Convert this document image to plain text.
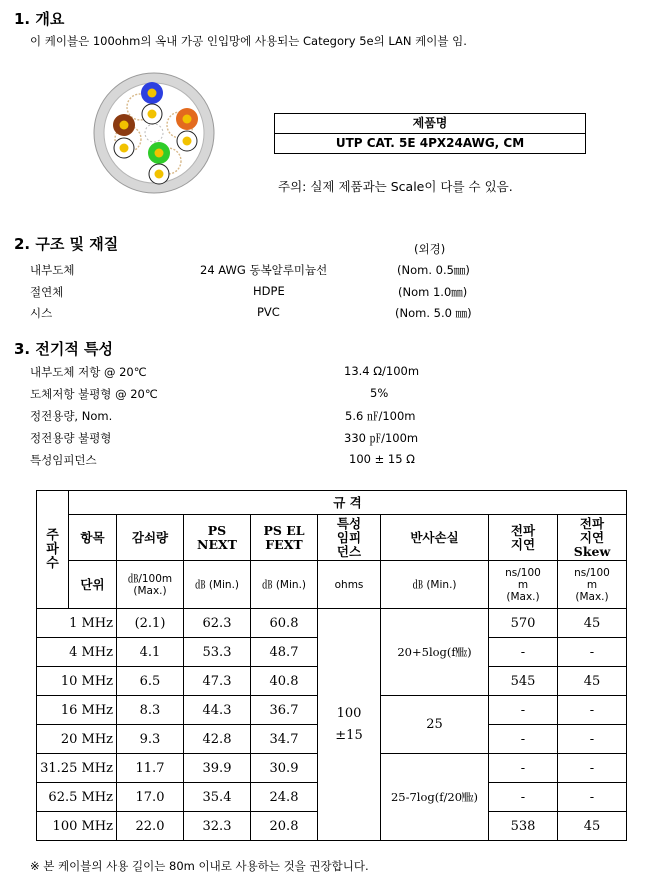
1. 개요
이 케이블은 100ohm의 옥내 가공 인입망에 사용되는 Category 5e의 LAN 케이블 임.
제품명
UTP CAT. 5E 4PX24AWG, CM
주의: 실제 제품과는 Scale이 다를 수 있음.
2. 구조 및 재질	(외경)
내부도체	24 AWG 동복알루미늄선	(Nom. 0.5㎜)
절연체	HDPE	(Nom 1.0㎜)
시스	PVC	(Nom. 5.0 ㎜)
3. 전기적 특성
내부도체 저항 @ 20℃	13.4 Ω/100m
도체저항 불평형 @ 20℃	5%
정전용량, Nom.	5.6 ㎋/100m
정전용량 불평형	330 ㎊/100m
특성임피던스	100 ± 15 Ω
주파수	규 격							
	항목	감쇠량	PS NEXT	PS EL FEXT	특성 임피 던스	반사손실	전파 지연	전파 지연 Skew
	단위	㏈/100m (Max.)	㏈ (Min.)	㏈ (Min.)	ohms	㏈ (Min.)	ns/100 m (Max.)	ns/100 m (Max.)
1 MHz		(2.1)	62.3	60.8	100 ±15	20+5log(f㎒)	570	45
4 MHz		4.1	53.3	48.7			-	-
10 MHz		6.5	47.3	40.8			545	45
16 MHz		8.3	44.3	36.7		25	-	-
20 MHz		9.3	42.8	34.7			-	-
31.25 MHz		11.7	39.9	30.9		25-7log(f/20㎒)	-	-
62.5 MHz		17.0	35.4	24.8			-	-
100 MHz		22.0	32.3	20.8			538	45
※ 본 케이블의 사용 길이는 80m 이내로 사용하는 것을 권장합니다.
